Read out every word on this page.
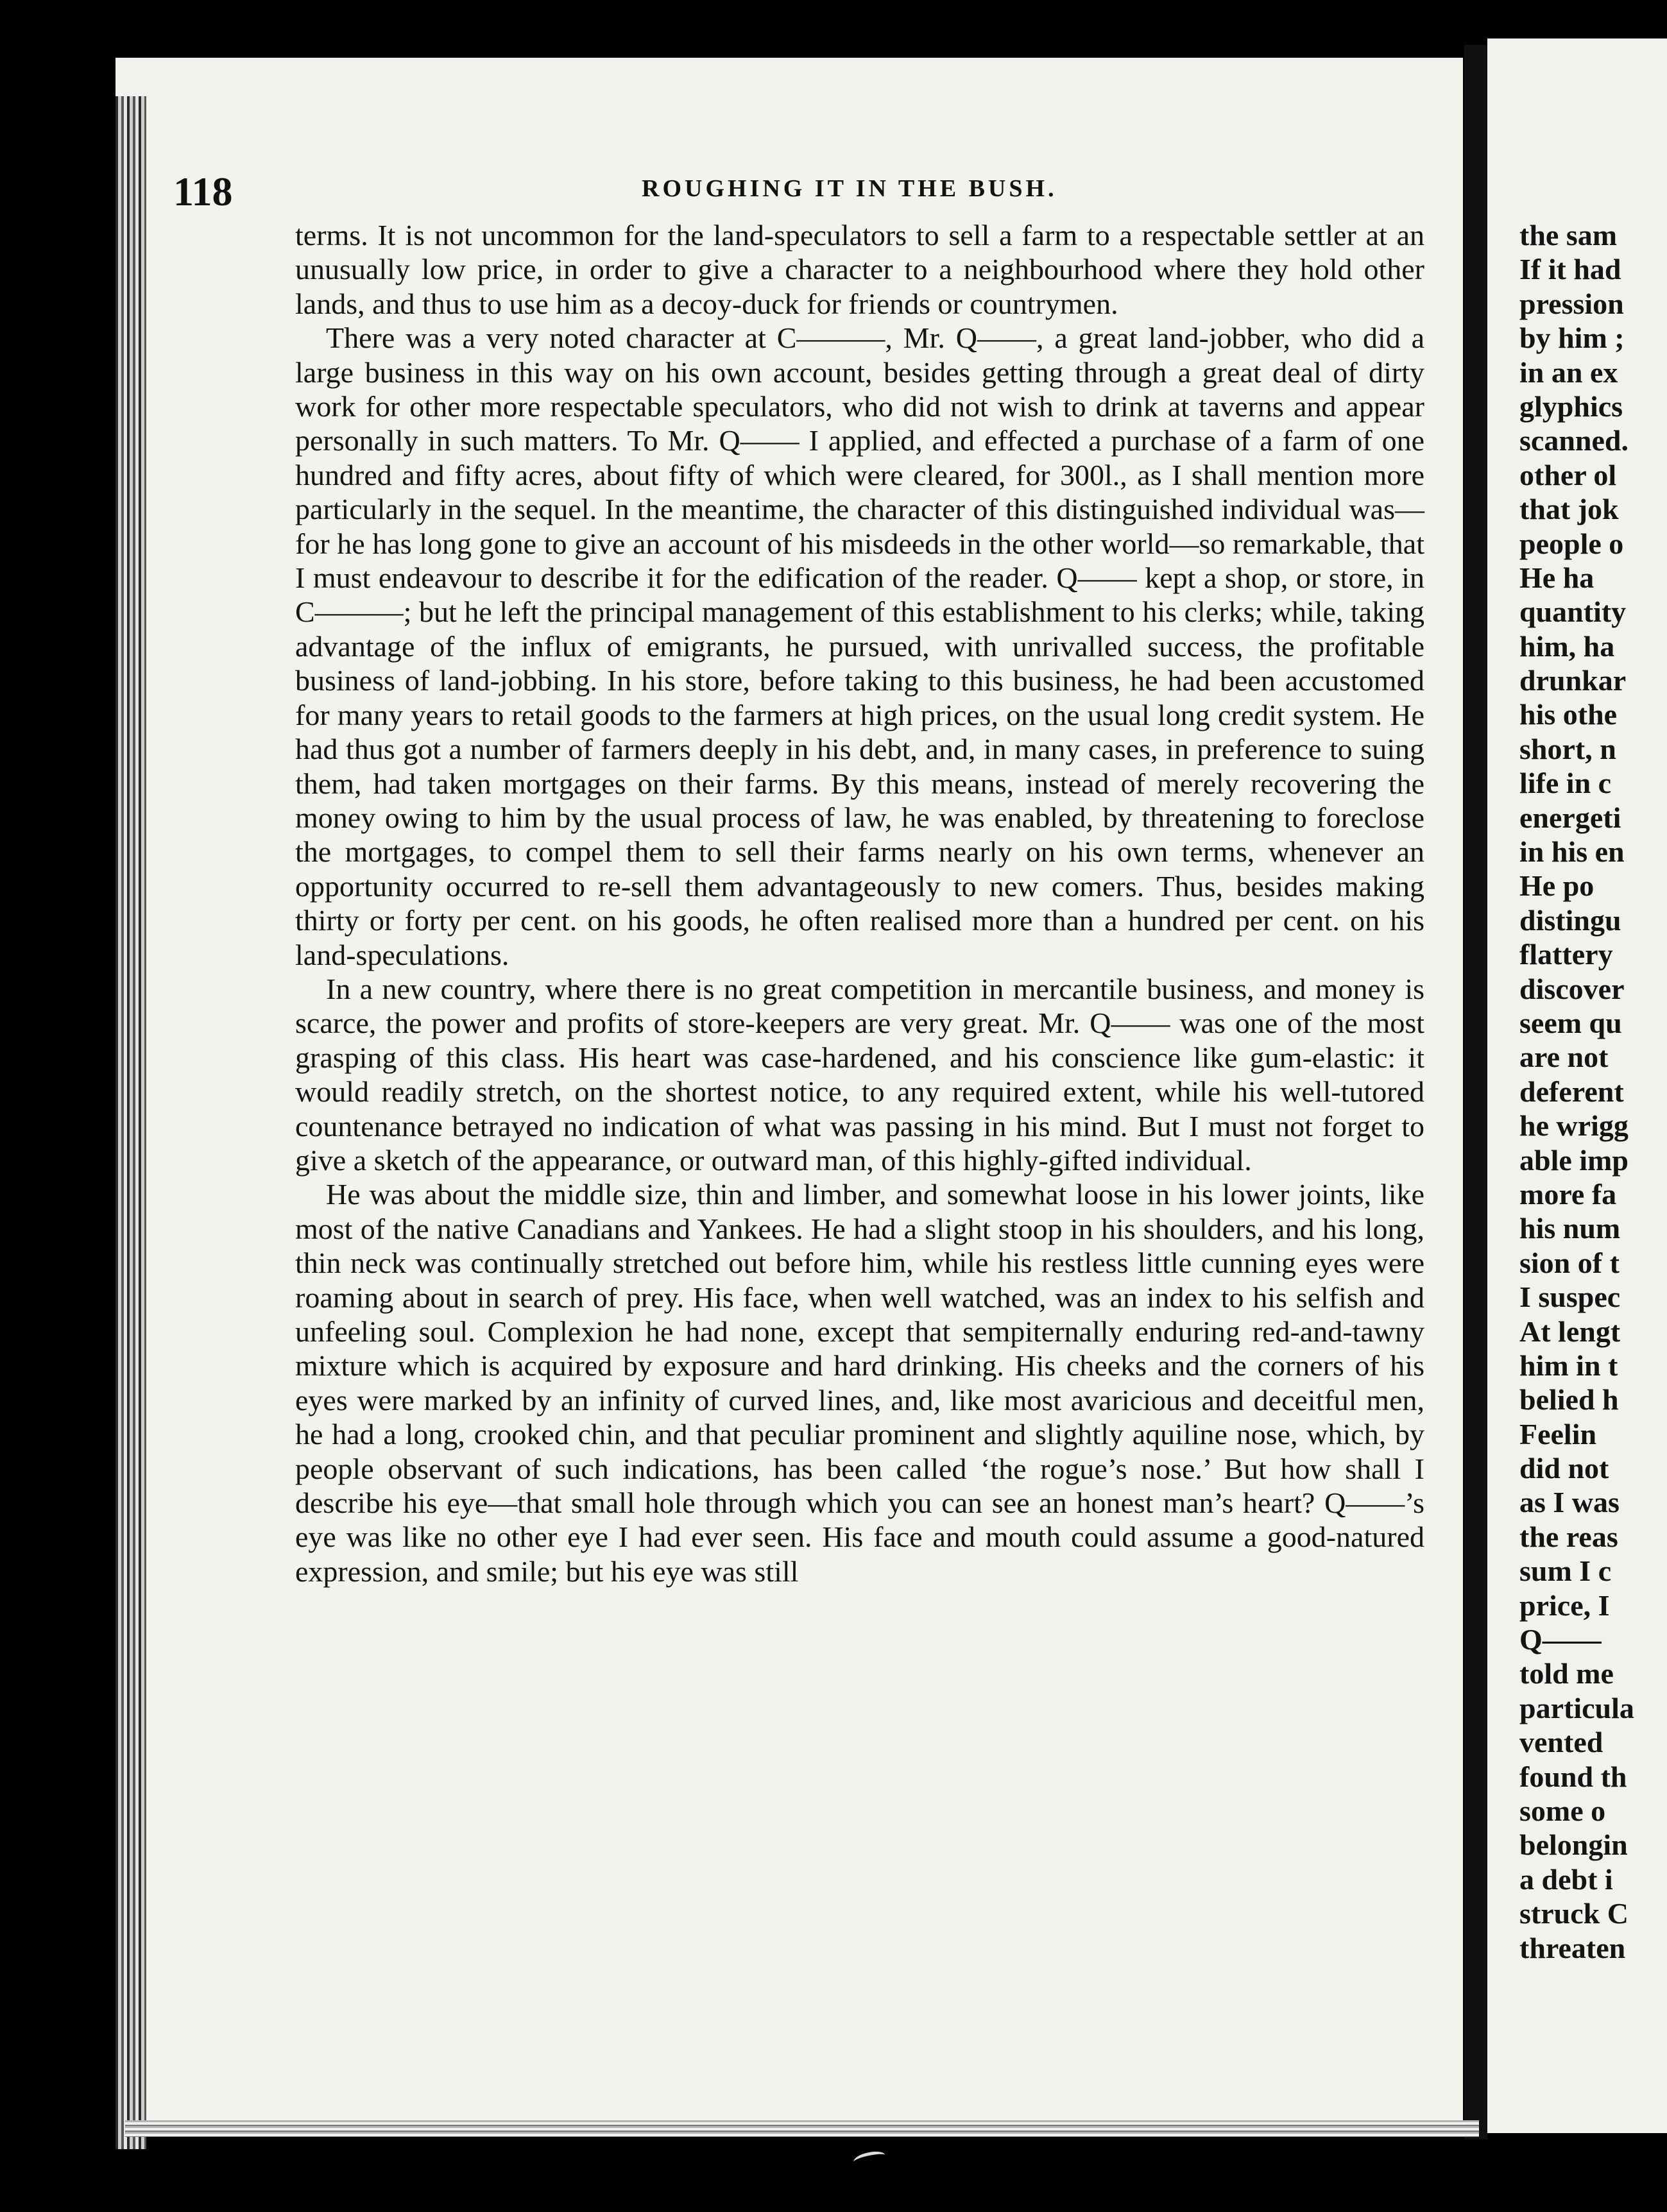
118	ROUGHING IT IN THE BUSH.

terms. It is not uncommon for the land-speculators to sell a farm to a respectable settler at an unusually low price, in order to give a character to a neighbourhood where they hold other lands, and thus to use him as a decoy-duck for friends or countrymen.

There was a very noted character at C———, Mr. Q——, a great land-jobber, who did a large business in this way on his own account, besides getting through a great deal of dirty work for other more respectable speculators, who did not wish to drink at taverns and appear personally in such matters. To Mr. Q—— I applied, and effected a purchase of a farm of one hundred and fifty acres, about fifty of which were cleared, for 300l., as I shall mention more particularly in the sequel. In the meantime, the character of this distinguished individual was—for he has long gone to give an account of his misdeeds in the other world—so remarkable, that I must endeavour to describe it for the edification of the reader. Q—— kept a shop, or store, in C———; but he left the principal management of this establishment to his clerks; while, taking advantage of the influx of emigrants, he pursued, with unrivalled success, the profitable business of land-jobbing. In his store, before taking to this business, he had been accustomed for many years to retail goods to the farmers at high prices, on the usual long credit system. He had thus got a number of farmers deeply in his debt, and, in many cases, in preference to suing them, had taken mortgages on their farms. By this means, instead of merely recovering the money owing to him by the usual process of law, he was enabled, by threatening to foreclose the mortgages, to compel them to sell their farms nearly on his own terms, whenever an opportunity occurred to re-sell them advantageously to new comers. Thus, besides making thirty or forty per cent. on his goods, he often realised more than a hundred per cent. on his land-speculations.

In a new country, where there is no great competition in mercantile business, and money is scarce, the power and profits of store-keepers are very great. Mr. Q—— was one of the most grasping of this class. His heart was case-hardened, and his conscience like gum-elastic: it would readily stretch, on the shortest notice, to any required extent, while his well-tutored countenance betrayed no indication of what was passing in his mind. But I must not forget to give a sketch of the appearance, or outward man, of this highly-gifted individual.

He was about the middle size, thin and limber, and somewhat loose in his lower joints, like most of the native Canadians and Yankees. He had a slight stoop in his shoulders, and his long, thin neck was continually stretched out before him, while his restless little cunning eyes were roaming about in search of prey. His face, when well watched, was an index to his selfish and unfeeling soul. Complexion he had none, except that sempiternally enduring red-and-tawny mixture which is acquired by exposure and hard drinking. His cheeks and the corners of his eyes were marked by an infinity of curved lines, and, like most avaricious and deceitful men, he had a long, crooked chin, and that peculiar prominent and slightly aquiline nose, which, by people observant of such indications, has been called ‘the rogue’s nose.’ But how shall I describe his eye—that small hole through which you can see an honest man’s heart? Q——’s eye was like no other eye I had ever seen. His face and mouth could assume a good-natured expression, and smile; but his eye was still

the sam
If it had
pression
by him ;
in an ex
glyphics
scanned.
other ol
that jok
people o
He ha
quantity
him, ha
drunkar
his othe
short, n
life in c
energeti
in his en
He po
distingu
flattery
discover
seem qu
are not
deferent
he wrigg
able imp
more fa
his num
sion of t
I suspec
At lengt
him in t
belied h
Feelin
did not
as I was
the reas
sum I c
price, I
Q——
told me
particula
vented
found th
some o
belongin
a debt i
struck C
threaten
